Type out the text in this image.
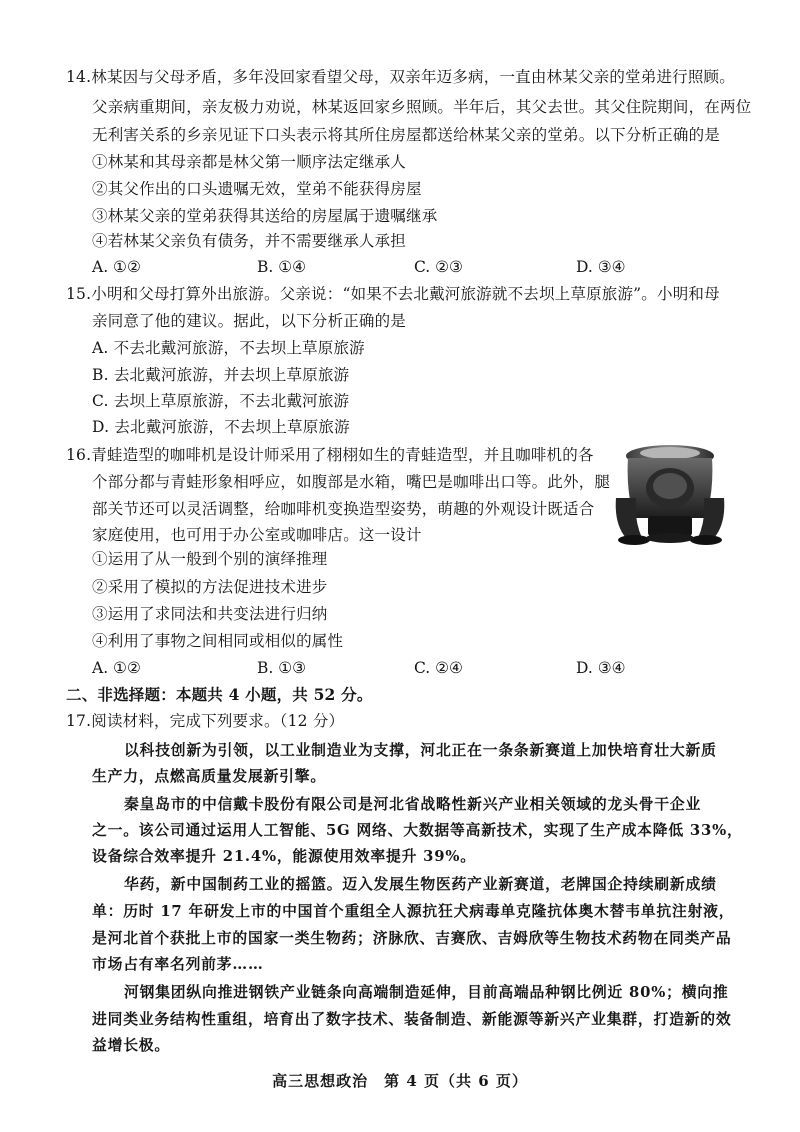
14.林某因与父母矛盾，多年没回家看望父母，双亲年迈多病，一直由林某父亲的堂弟进行照顾。
父亲病重期间，亲友极力劝说，林某返回家乡照顾。半年后，其父去世。其父住院期间，在两位
无利害关系的乡亲见证下口头表示将其所住房屋都送给林某父亲的堂弟。以下分析正确的是
①林某和其母亲都是林父第一顺序法定继承人
②其父作出的口头遗嘱无效，堂弟不能获得房屋
③林某父亲的堂弟获得其送给的房屋属于遗嘱继承
④若林某父亲负有债务，并不需要继承人承担
A. ①②	B. ①④	C. ②③	D. ③④
15.小明和父母打算外出旅游。父亲说：“如果不去北戴河旅游就不去坝上草原旅游”。小明和母
亲同意了他的建议。据此，以下分析正确的是
A. 不去北戴河旅游，不去坝上草原旅游
B. 去北戴河旅游，并去坝上草原旅游
C. 去坝上草原旅游，不去北戴河旅游
D. 去北戴河旅游，不去坝上草原旅游
16.青蛙造型的咖啡机是设计师采用了栩栩如生的青蛙造型，并且咖啡机的各
个部分都与青蛙形象相呼应，如腹部是水箱，嘴巴是咖啡出口等。此外，腿
部关节还可以灵活调整，给咖啡机变换造型姿势，萌趣的外观设计既适合
家庭使用，也可用于办公室或咖啡店。这一设计
①运用了从一般到个别的演绎推理
②采用了模拟的方法促进技术进步
③运用了求同法和共变法进行归纳
④利用了事物之间相同或相似的属性
A. ①②	B. ①③	C. ②④	D. ③④
二、非选择题：本题共 4 小题，共 52 分。
17.阅读材料，完成下列要求。（12 分）
以科技创新为引领，以工业制造业为支撑，河北正在一条条新赛道上加快培育壮大新质
生产力，点燃高质量发展新引擎。
秦皇岛市的中信戴卡股份有限公司是河北省战略性新兴产业相关领域的龙头骨干企业
之一。该公司通过运用人工智能、5G 网络、大数据等高新技术，实现了生产成本降低 33%，
设备综合效率提升 21.4%，能源使用效率提升 39%。
华药，新中国制药工业的摇篮。迈入发展生物医药产业新赛道，老牌国企持续刷新成绩
单：历时 17 年研发上市的中国首个重组全人源抗狂犬病毒单克隆抗体奥木替韦单抗注射液，
是河北首个获批上市的国家一类生物药；济脉欣、吉赛欣、吉姆欣等生物技术药物在同类产品
市场占有率名列前茅……
河钢集团纵向推进钢铁产业链条向高端制造延伸，目前高端品种钢比例近 80%；横向推
进同类业务结构性重组，培育出了数字技术、装备制造、新能源等新兴产业集群，打造新的效
益增长极。
高三思想政治　第 4 页（共 6 页）
